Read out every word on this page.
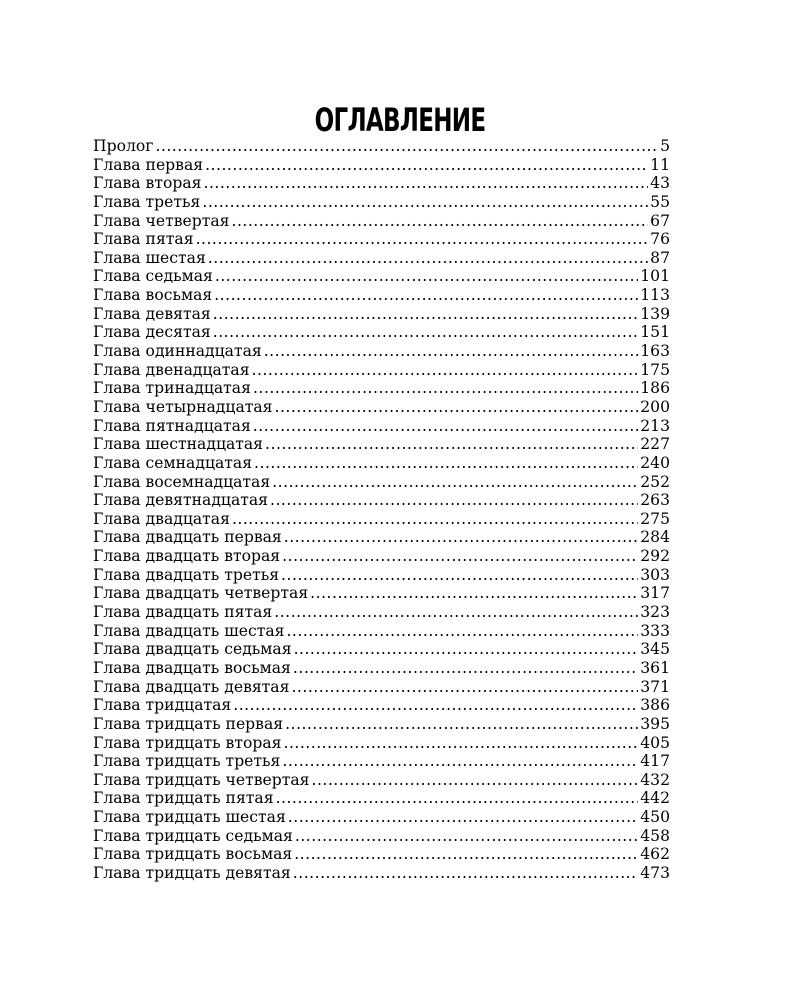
ОГЛАВЛЕНИЕ
Пролог .....	5
Глава первая .....	11
Глава вторая .....	43
Глава третья .....	55
Глава четвертая .....	67
Глава пятая .....	76
Глава шестая .....	87
Глава седьмая .....	101
Глава восьмая .....	113
Глава девятая .....	139
Глава десятая .....	151
Глава одиннадцатая .....	163
Глава двенадцатая .....	175
Глава тринадцатая .....	186
Глава четырнадцатая .....	200
Глава пятнадцатая .....	213
Глава шестнадцатая .....	227
Глава семнадцатая .....	240
Глава восемнадцатая .....	252
Глава девятнадцатая .....	263
Глава двадцатая .....	275
Глава двадцать первая .....	284
Глава двадцать вторая .....	292
Глава двадцать третья .....	303
Глава двадцать четвертая .....	317
Глава двадцать пятая .....	323
Глава двадцать шестая .....	333
Глава двадцать седьмая .....	345
Глава двадцать восьмая .....	361
Глава двадцать девятая .....	371
Глава тридцатая .....	386
Глава тридцать первая .....	395
Глава тридцать вторая .....	405
Глава тридцать третья .....	417
Глава тридцать четвертая .....	432
Глава тридцать пятая .....	442
Глава тридцать шестая .....	450
Глава тридцать седьмая .....	458
Глава тридцать восьмая .....	462
Глава тридцать девятая .....	473
